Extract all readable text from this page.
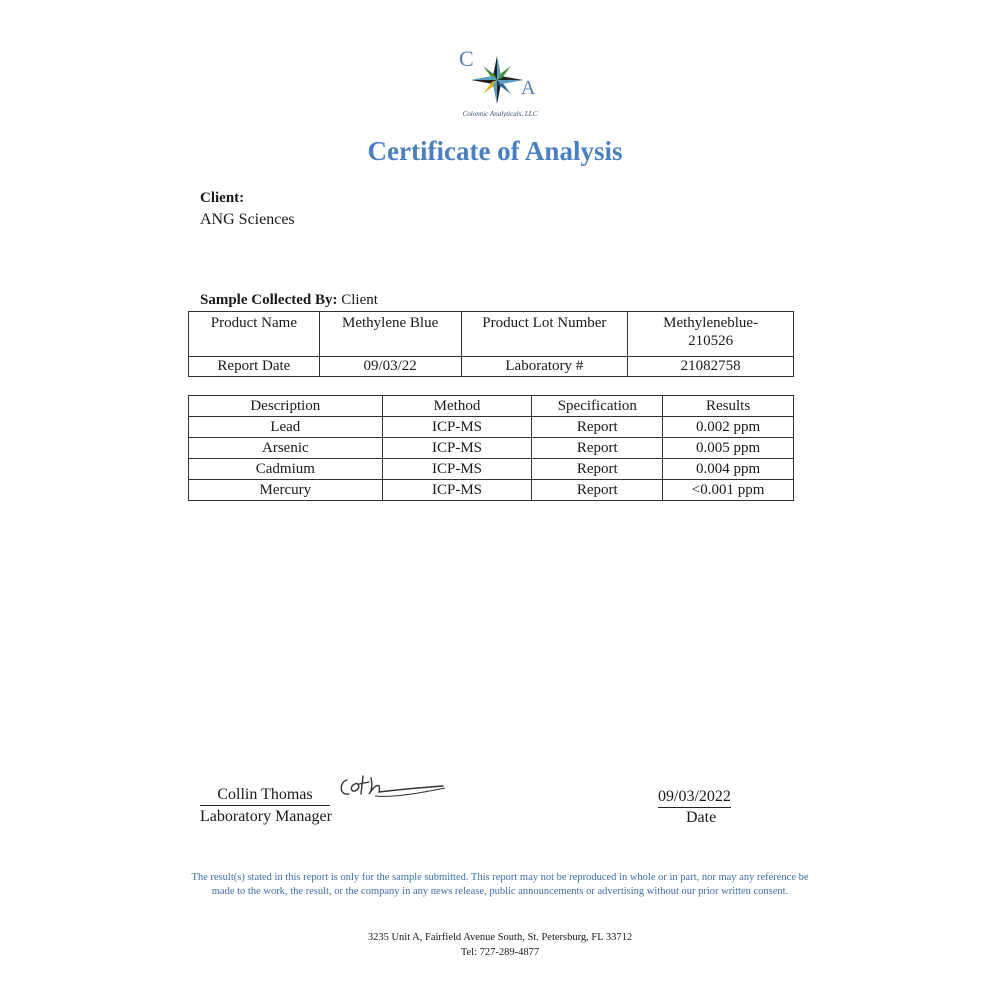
C
A
Colonnic Analyticals, LLC
Certificate of Analysis
Client:
ANG Sciences
Sample Collected By: Client
Product Name	Methylene Blue	Product Lot Number	Methyleneblue-
210526
Report Date	09/03/22	Laboratory #	21082758
Description	Method	Specification	Results
Lead	ICP-MS	Report	0.002 ppm
Arsenic	ICP-MS	Report	0.005 ppm
Cadmium	ICP-MS	Report	0.004 ppm
Mercury	ICP-MS	Report	<0.001 ppm
Collin Thomas
Laboratory Manager
09/03/2022
Date
The result(s) stated in this report is only for the sample submitted. This report may not be reproduced in whole or in part, nor may any reference be made to the work, the result, or the company in any news release, public announcements or advertising without our prior written consent.
3235 Unit A, Fairfield Avenue South, St. Petersburg, FL 33712
Tel: 727-289-4877
